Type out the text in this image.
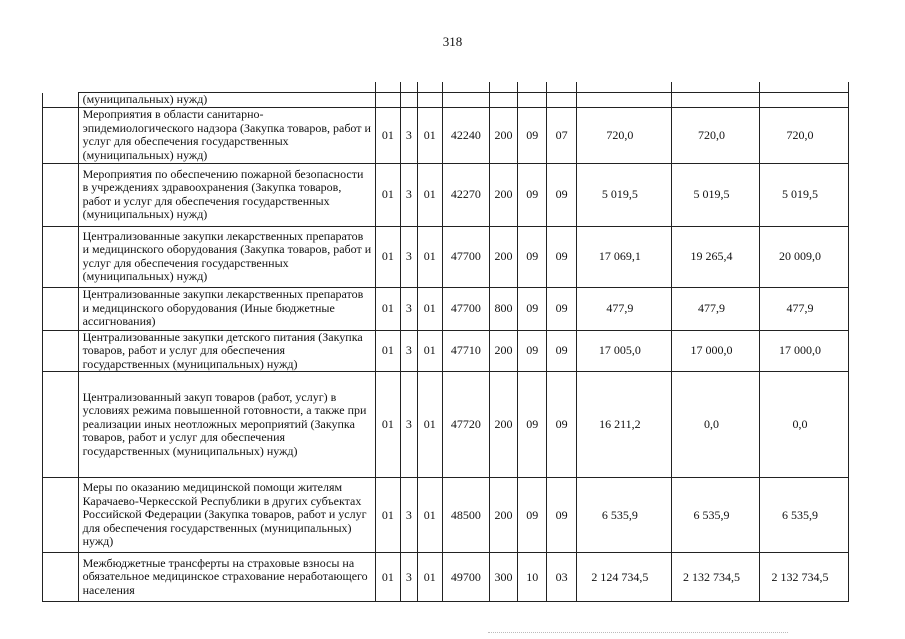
318

	(муниципальных) нужд)										
	Мероприятия в области санитарно-эпидемиологического надзора (Закупка товаров, работ и услуг для обеспечения государственных (муниципальных) нужд)	01	3	01	42240	200	09	07	720,0	720,0	720,0
	Мероприятия по обеспечению пожарной безопасности в учреждениях здравоохранения (Закупка товаров, работ и услуг для обеспечения государственных (муниципальных) нужд)	01	3	01	42270	200	09	09	5 019,5	5 019,5	5 019,5
	Централизованные закупки лекарственных препаратов и медицинского оборудования (Закупка товаров, работ и услуг для обеспечения государственных (муниципальных) нужд)	01	3	01	47700	200	09	09	17 069,1	19 265,4	20 009,0
	Централизованные закупки лекарственных препаратов и медицинского оборудования (Иные бюджетные ассигнования)	01	3	01	47700	800	09	09	477,9	477,9	477,9
	Централизованные закупки детского питания (Закупка товаров, работ и услуг для обеспечения государственных (муниципальных) нужд)	01	3	01	47710	200	09	09	17 005,0	17 000,0	17 000,0
	Централизованный закуп товаров (работ, услуг) в условиях режима повышенной готовности, а также при реализации иных неотложных мероприятий (Закупка товаров, работ и услуг для обеспечения государственных (муниципальных) нужд)	01	3	01	47720	200	09	09	16 211,2	0,0	0,0
	Меры по оказанию медицинской помощи жителям Карачаево-Черкесской Республики в других субъектах Российской Федерации (Закупка товаров, работ и услуг для обеспечения государственных (муниципальных) нужд)	01	3	01	48500	200	09	09	6 535,9	6 535,9	6 535,9
	Межбюджетные трансферты на страховые взносы на обязательное медицинское страхование неработающего населения	01	3	01	49700	300	10	03	2 124 734,5	2 132 734,5	2 132 734,5
